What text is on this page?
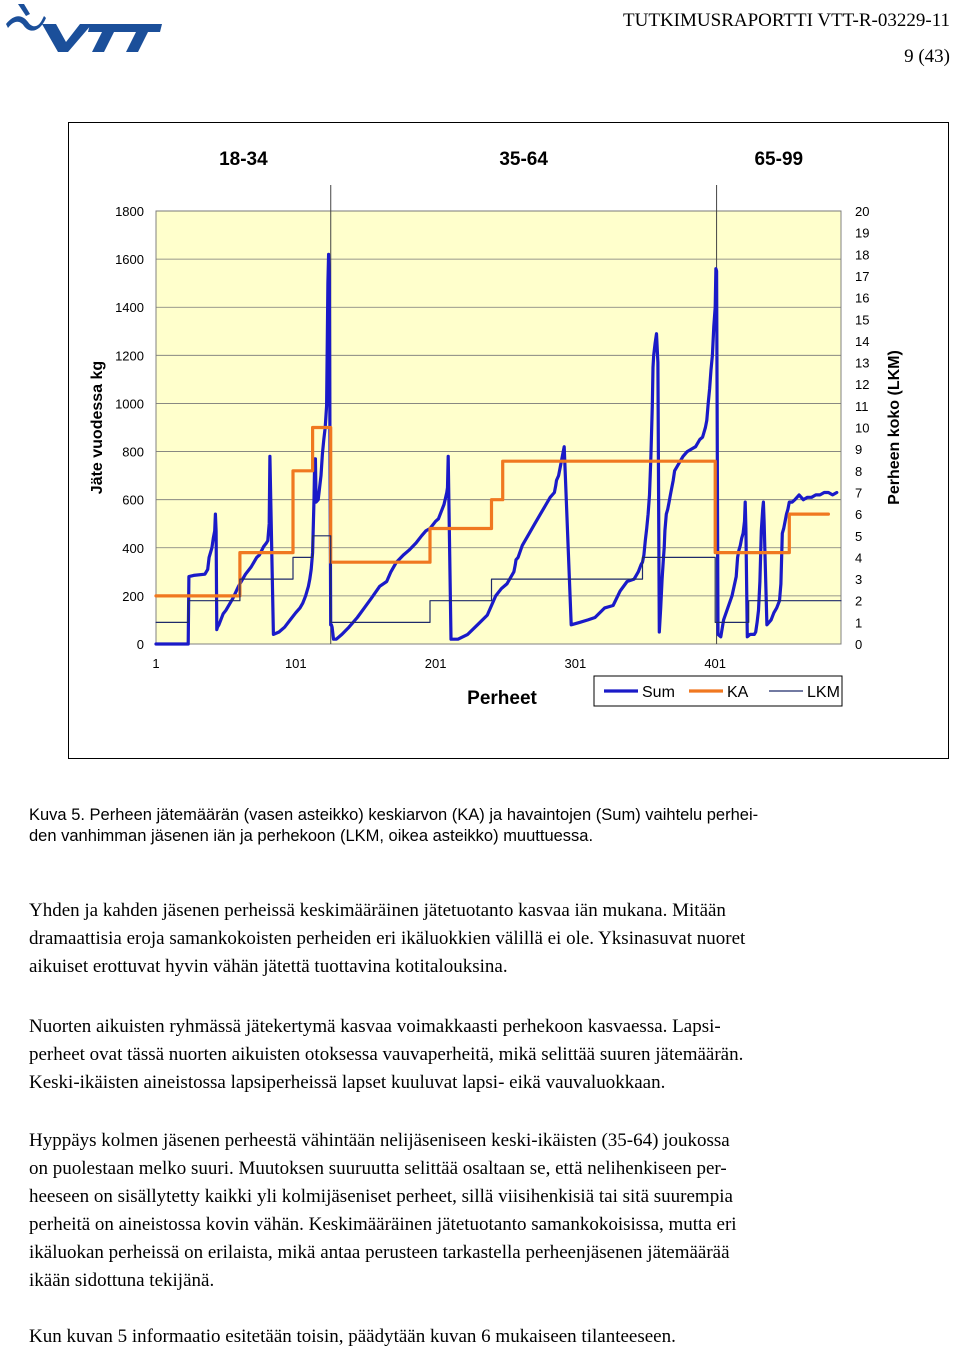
TUTKIMUSRAPORTTI VTT-R-03229-11
9 (43)
18-34	35-64	65-99
0
200
400
600
800
1000
1200
1400
1600
1800
0
1
2
3
4
5
6
7
8
9
10
11
12
13
14
15
16
17
18
19
20
1	101	201	301	401
Jäte vuodessa kg	Perheen koko (LKM)
Perheet	Sum	KA	LKM
Kuva 5. Perheen jätemäärän (vasen asteikko) keskiarvon (KA) ja havaintojen (Sum) vaihtelu perhei-
den vanhimman jäsenen iän ja perhekoon (LKM, oikea asteikko) muuttuessa.
Yhden ja kahden jäsenen perheissä keskimääräinen jätetuotanto kasvaa iän mukana. Mitään
dramaattisia eroja samankokoisten perheiden eri ikäluokkien välillä ei ole. Yksinasuvat nuoret
aikuiset erottuvat hyvin vähän jätettä tuottavina kotitalouksina.
Nuorten aikuisten ryhmässä jätekertymä kasvaa voimakkaasti perhekoon kasvaessa. Lapsi-
perheet ovat tässä nuorten aikuisten otoksessa vauvaperheitä, mikä selittää suuren jätemäärän.
Keski-ikäisten aineistossa lapsiperheissä lapset kuuluvat lapsi- eikä vauvaluokkaan.
Hyppäys kolmen jäsenen perheestä vähintään nelijäseniseen keski-ikäisten (35-64) joukossa
on puolestaan melko suuri. Muutoksen suuruutta selittää osaltaan se, että nelihenkiseen per-
heeseen on sisällytetty kaikki yli kolmijäseniset perheet, sillä viisihenkisiä tai sitä suurempia
perheitä on aineistossa kovin vähän. Keskimääräinen jätetuotanto samankokoisissa, mutta eri
ikäluokan perheissä on erilaista, mikä antaa perusteen tarkastella perheenjäsenen jätemäärää
ikään sidottuna tekijänä.
Kun kuvan 5 informaatio esitetään toisin, päädytään kuvan 6 mukaiseen tilanteeseen.
